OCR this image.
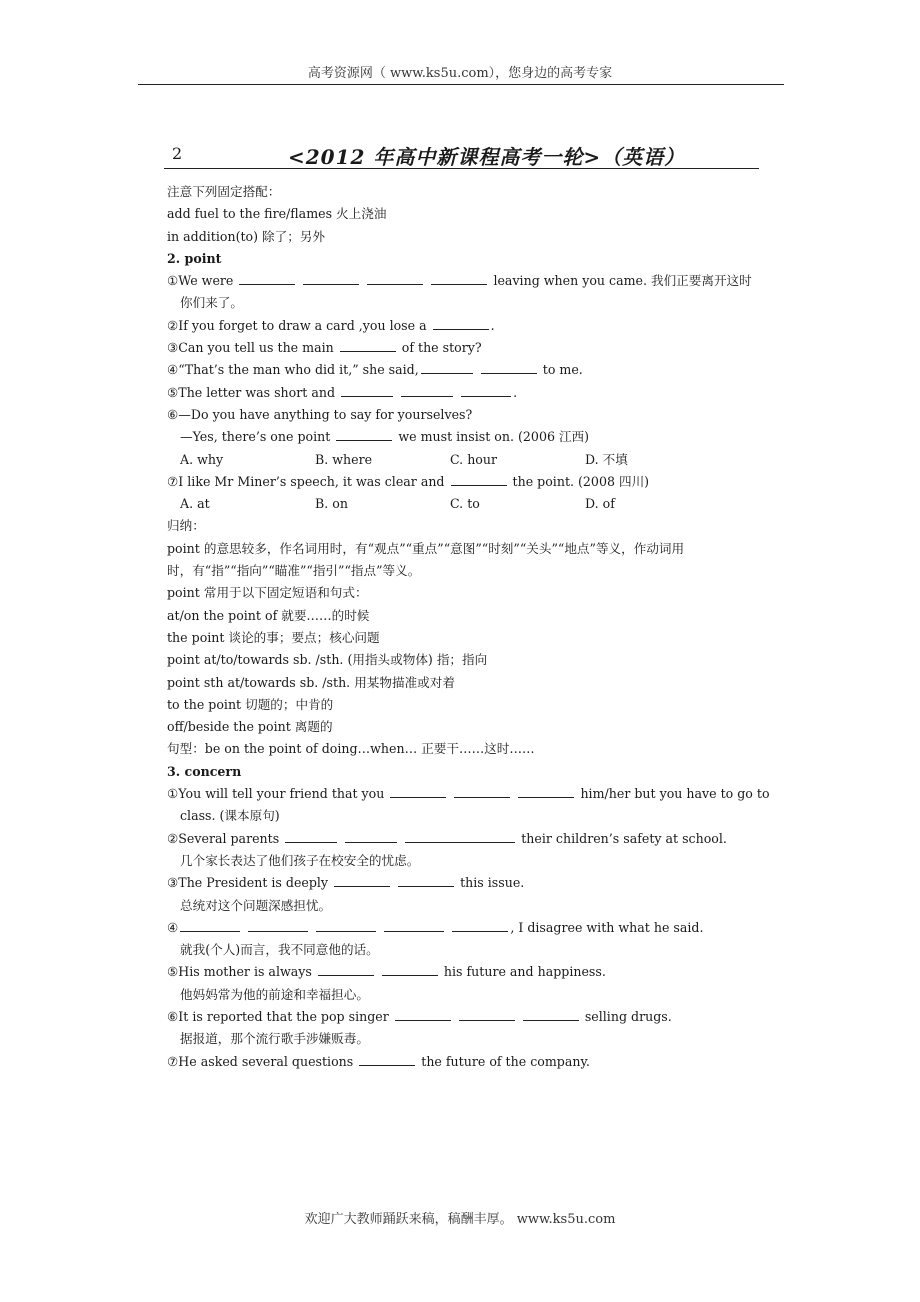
高考资源网（ www.ks5u.com），您身边的高考专家
2	<2012 年高中新课程高考一轮>（英语）
注意下列固定搭配：
add fuel to the fire/flames 火上浇油
in addition(to) 除了；另外
2. point
①We were	leaving when you came. 我们正要离开这时
你们来了。
②If you forget to draw a card ,you lose a	.
③Can you tell us the main	of the story?
④“That’s the man who did it,” she said,	to me.
⑤The letter was short and	.
⑥—Do you have anything to say for yourselves?
—Yes, there’s one point	we must insist on. (2006 江西)
A. why	B. where	C. hour	D. 不填
⑦I like Mr Miner’s speech, it was clear and	the point. (2008 四川)
A. at	B. on	C. to	D. of
归纳：
point 的意思较多，作名词用时，有“观点”“重点”“意图”“时刻”“关头”“地点”等义，作动词用
时，有“指”“指向”“瞄准”“指引”“指点”等义。
point 常用于以下固定短语和句式：
at/on the point of 就要……的时候
the point 谈论的事；要点；核心问题
point at/to/towards sb. /sth. (用指头或物体) 指；指向
point sth at/towards sb. /sth. 用某物描准或对着
to the point 切题的；中肯的
off/beside the point 离题的
句型：be on the point of doing…when… 正要干……这时……
3. concern
①You will tell your friend that you	him/her but you have to go to
class. (课本原句)
②Several parents	their children’s safety at school.
几个家长表达了他们孩子在校安全的忧虑。
③The President is deeply	this issue.
总统对这个问题深感担忧。
④	, I disagree with what he said.
就我(个人)而言，我不同意他的话。
⑤His mother is always	his future and happiness.
他妈妈常为他的前途和幸福担心。
⑥It is reported that the pop singer	selling drugs.
据报道，那个流行歌手涉嫌贩毒。
⑦He asked several questions	the future of the company.
欢迎广大教师踊跃来稿，稿酬丰厚。 www.ks5u.com
